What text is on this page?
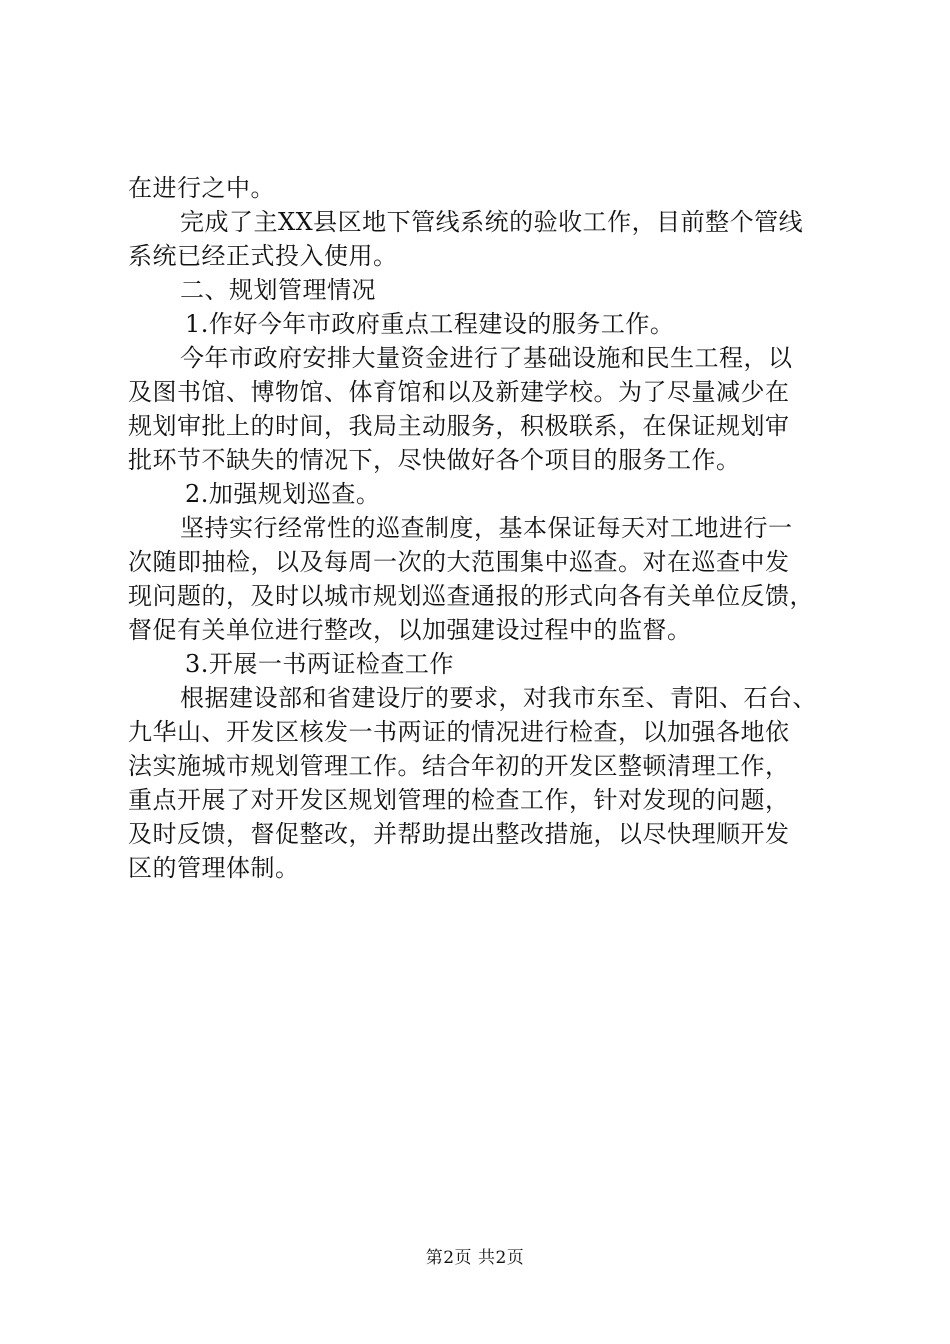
在进行之中。
完成了主XX县区地下管线系统的验收工作，目前整个管线
系统已经正式投入使用。
二、规划管理情况
1.作好今年市政府重点工程建设的服务工作。
今年市政府安排大量资金进行了基础设施和民生工程，以
及图书馆、博物馆、体育馆和以及新建学校。为了尽量减少在
规划审批上的时间，我局主动服务，积极联系，在保证规划审
批环节不缺失的情况下，尽快做好各个项目的服务工作。
2.加强规划巡查。
坚持实行经常性的巡查制度，基本保证每天对工地进行一
次随即抽检，以及每周一次的大范围集中巡查。对在巡查中发
现问题的，及时以城市规划巡查通报的形式向各有关单位反馈，
督促有关单位进行整改，以加强建设过程中的监督。
3.开展一书两证检查工作
根据建设部和省建设厅的要求，对我市东至、青阳、石台、
九华山、开发区核发一书两证的情况进行检查，以加强各地依
法实施城市规划管理工作。结合年初的开发区整顿清理工作，
重点开展了对开发区规划管理的检查工作，针对发现的问题，
及时反馈，督促整改，并帮助提出整改措施，以尽快理顺开发
区的管理体制。

第2页 共2页
